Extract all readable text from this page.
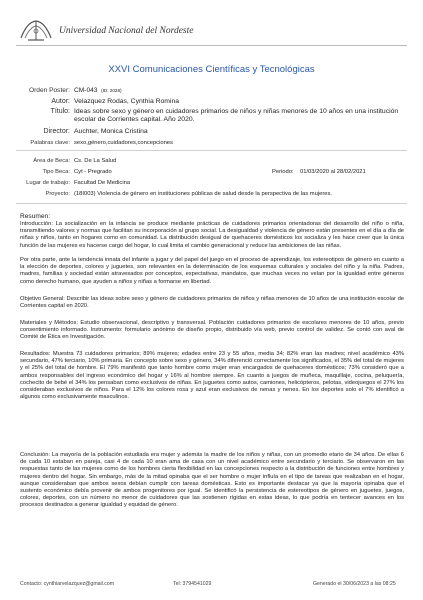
Universidad Nacional del Nordeste
XXVI Comunicaciones Científicas y Tecnológicas
Orden Poster: CM-043 (ID: 2028)
Autor: Velazquez Rodas, Cynthia Romina
Título: Ideas sobre sexo y género en cuidadores primarios de niños y niñas menores de 10 años en una institución escolar de Corrientes capital. Año 2020.
Director: Auchter, Monica Cristina
Palabras clave: sexo,género,cuidadores,concepciones
Área de Beca: Cs. De La Salud
Tipo Beca: Cyt - Pregrado	Periodo: 01/03/2020 al 28/02/2021
Lugar de trabajo: Facultad De Medicina
Proyecto: (18I003) Violencia de género en instituciones públicas de salud desde la perspectiva de las mujeres.
Resumen:
Introducción: La socialización en la infancia se produce mediante prácticas de cuidadores primarios orientadoras del desarrollo del niño o niña, transmitiendo valores y normas que facilitan su incorporación al grupo social. La desigualdad y violencia de género están presentes en el día a día de niñas y niños, tanto en hogares como en comunidad. La distribución desigual de quehaceres domésticos los socializa y les hace creer que la única función de las mujeres es hacerse cargo del hogar, lo cual limita el cambio generacional y reduce las ambiciones de las niñas.
Por otra parte, ante la tendencia innata del infante a jugar y del papel del juego en el proceso de aprendizaje, los estereotipos de género en cuanto a la elección de deportes, colores y juguetes, son relevantes en la determinación de los esquemas culturales y sociales del niño y la niña. Padres, madres, familias y sociedad están atravesados por conceptos, expectativas, mandatos, que muchas veces no velan por la igualdad entre géneros como derecho humano, que ayuden a niños y niñas a formarse en libertad.
Objetivo General: Describir las ideas sobre sexo y género de cuidadores primarios de niños y niñas menores de 10 años de una institución escolar de Corrientes capital en 2020.
Materiales y Métodos: Estudio observacional, descriptivo y transversal. Población cuidadores primarios de escolares menores de 10 años, previo consentimiento informado. Instrumento: formulario anónimo de diseño propio, distribuido vía web, previo control de validez. Se contó con aval de Comité de Ética en Investigación.
Resultados: Muestra 73 cuidadores primarios; 89% mujeres; edades entre 23 y 55 años, media 34; 82% eran las madres; nivel académico 43% secundario, 47% terciario, 10% primaria. En concepto sobre sexo y género, 34% diferenció correctamente los significados, el 35% del total de mujeres y el 25% del total de hombre. El 79% manifestó que tanto hombre como mujer eran encargados de quehaceres domésticos; 73% consideró que a ambos responsables del ingreso económico del hogar y 16% al hombre siempre. En cuanto a juegos de muñeca, maquillaje, cocina, peluquería, cochecito de bebé el 34% los pensaban como exclusivos de niñas. En juguetes como autos, camiones, helicópteros, pelotas, videojuegos el 27% los consideraban exclusivos de niños. Para el 12% los colores rosa y azul eran exclusivos de nenas y nenes. En los deportes solo el 7% identificó a algunos como exclusivamente masculinos.
Conclusión: La mayoría de la población estudiada era mujer y además la madre de los niños y niñas, con un promedio etario de 34 años. De ellas 6 de cada 10 estaban en pareja, casi 4 de cada 10 eran ama de casa con un nivel académico entre secundario y terciario. Se observaron en las respuestas tanto de las mujeres como de los hombres cierta flexibilidad en las concepciones respecto a la distribución de funciones entre hombres y mujeres dentro del hogar. Sin embargo, más de la mitad opinaba que el ser hombre o mujer influía en el tipo de tareas que realizaban en el hogar, aunque consideraban que ambos sexos debían cumplir con tareas domésticas. Esto es importante destacar ya que la mayoría opinaba que el sustento económico debía provenir de ambos progenitores por igual. Se identificó la persistencia de estereotipos de género en juguetes, juegos, colores, deportes, con un número no menor de cuidadores que las sostienen rígidas en estas ideas, lo que podría en tentecer avances en los procesos destinados a generar igualdad y equidad de género.
Contacto: cynthiarvelazquez@gmail.com	Tel: 3794541029	Generado el 30/06/2023 a las 08:25
